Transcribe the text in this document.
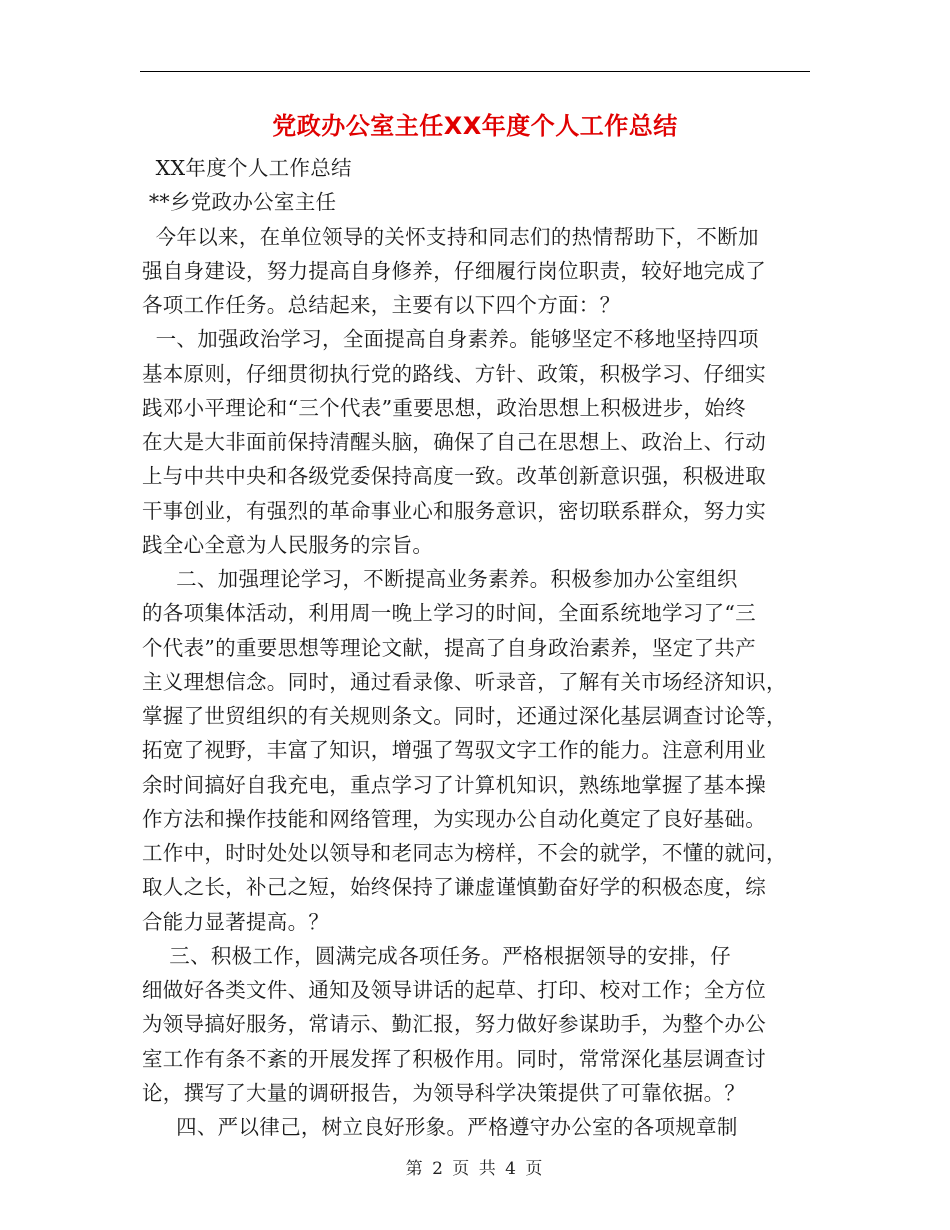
党政办公室主任XX年度个人工作总结
XX年度个人工作总结
**乡党政办公室主任
今年以来，在单位领导的关怀支持和同志们的热情帮助下，不断加
强自身建设，努力提高自身修养，仔细履行岗位职责，较好地完成了
各项工作任务。总结起来，主要有以下四个方面：？
一、加强政治学习，全面提高自身素养。能够坚定不移地坚持四项
基本原则，仔细贯彻执行党的路线、方针、政策，积极学习、仔细实
践邓小平理论和“三个代表”重要思想，政治思想上积极进步，始终
在大是大非面前保持清醒头脑，确保了自己在思想上、政治上、行动
上与中共中央和各级党委保持高度一致。改革创新意识强，积极进取
干事创业，有强烈的革命事业心和服务意识，密切联系群众，努力实
践全心全意为人民服务的宗旨。
二、加强理论学习，不断提高业务素养。积极参加办公室组织
的各项集体活动，利用周一晚上学习的时间，全面系统地学习了“三
个代表”的重要思想等理论文献，提高了自身政治素养，坚定了共产
主义理想信念。同时，通过看录像、听录音，了解有关市场经济知识，
掌握了世贸组织的有关规则条文。同时，还通过深化基层调查讨论等，
拓宽了视野，丰富了知识，增强了驾驭文字工作的能力。注意利用业
余时间搞好自我充电，重点学习了计算机知识，熟练地掌握了基本操
作方法和操作技能和网络管理，为实现办公自动化奠定了良好基础。
工作中，时时处处以领导和老同志为榜样，不会的就学，不懂的就问，
取人之长，补己之短，始终保持了谦虚谨慎勤奋好学的积极态度，综
合能力显著提高。？
三、积极工作，圆满完成各项任务。严格根据领导的安排，仔
细做好各类文件、通知及领导讲话的起草、打印、校对工作；全方位
为领导搞好服务，常请示、勤汇报，努力做好参谋助手，为整个办公
室工作有条不紊的开展发挥了积极作用。同时，常常深化基层调查讨
论，撰写了大量的调研报告，为领导科学决策提供了可靠依据。？
四、严以律己，树立良好形象。严格遵守办公室的各项规章制
第 2 页 共 4 页
